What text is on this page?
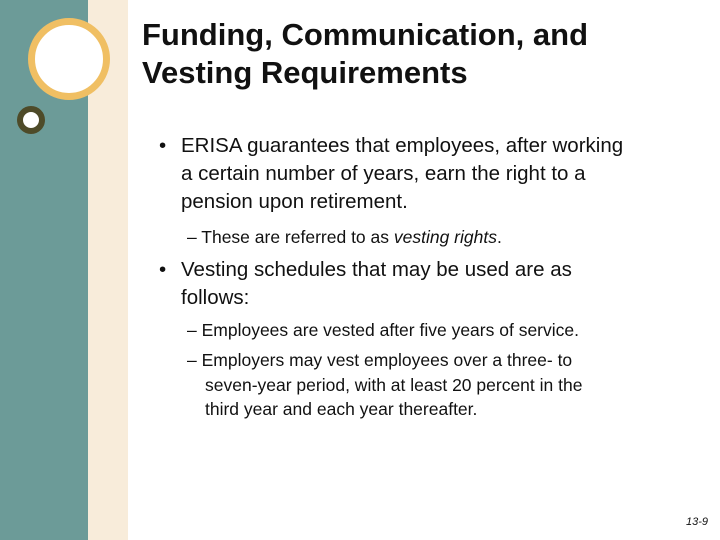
Funding, Communication, and
Vesting Requirements
• ERISA guarantees that employees, after working
a certain number of years, earn the right to a
pension upon retirement.
– These are referred to as vesting rights.
• Vesting schedules that may be used are as
follows:
– Employees are vested after five years of service.
– Employers may vest employees over a three- to
seven-year period, with at least 20 percent in the
third year and each year thereafter.
13-9
